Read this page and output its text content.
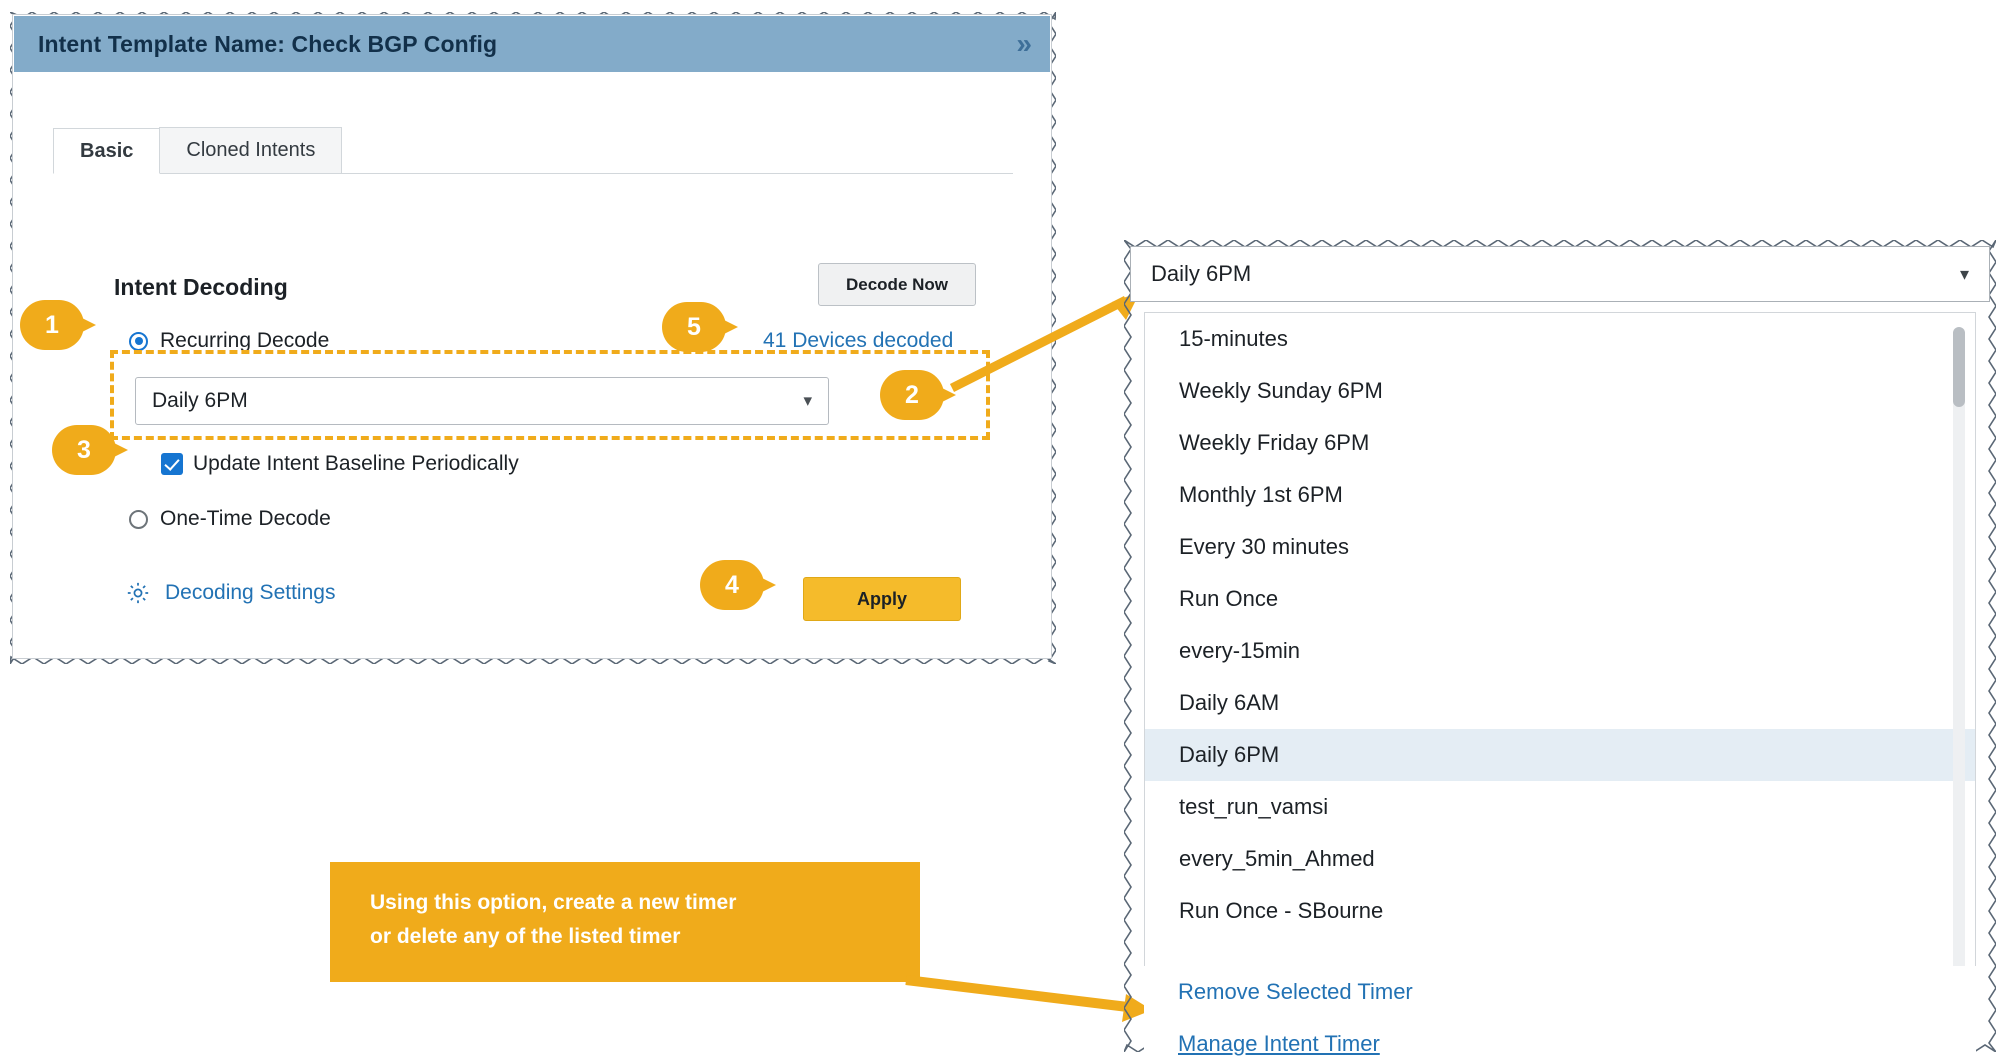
Intent Template Name: Check BGP Config	»
Basic	Cloned Intents
Intent Decoding	Decode Now
41 Devices decoded
Recurring Decode
Daily 6PM	▾
Update Intent Baseline Periodically
One-Time Decode
Decoding Settings	Apply
1
3
4
5
2
Using this option, create a new timer
or delete any of the listed timer
Daily 6PM	▾
15-minutes
Weekly Sunday 6PM
Weekly Friday 6PM
Monthly 1st 6PM
Every 30 minutes
Run Once
every-15min
Daily 6AM
Daily 6PM
test_run_vamsi
every_5min_Ahmed
Run Once - SBourne
Remove Selected Timer
Manage Intent Timer
